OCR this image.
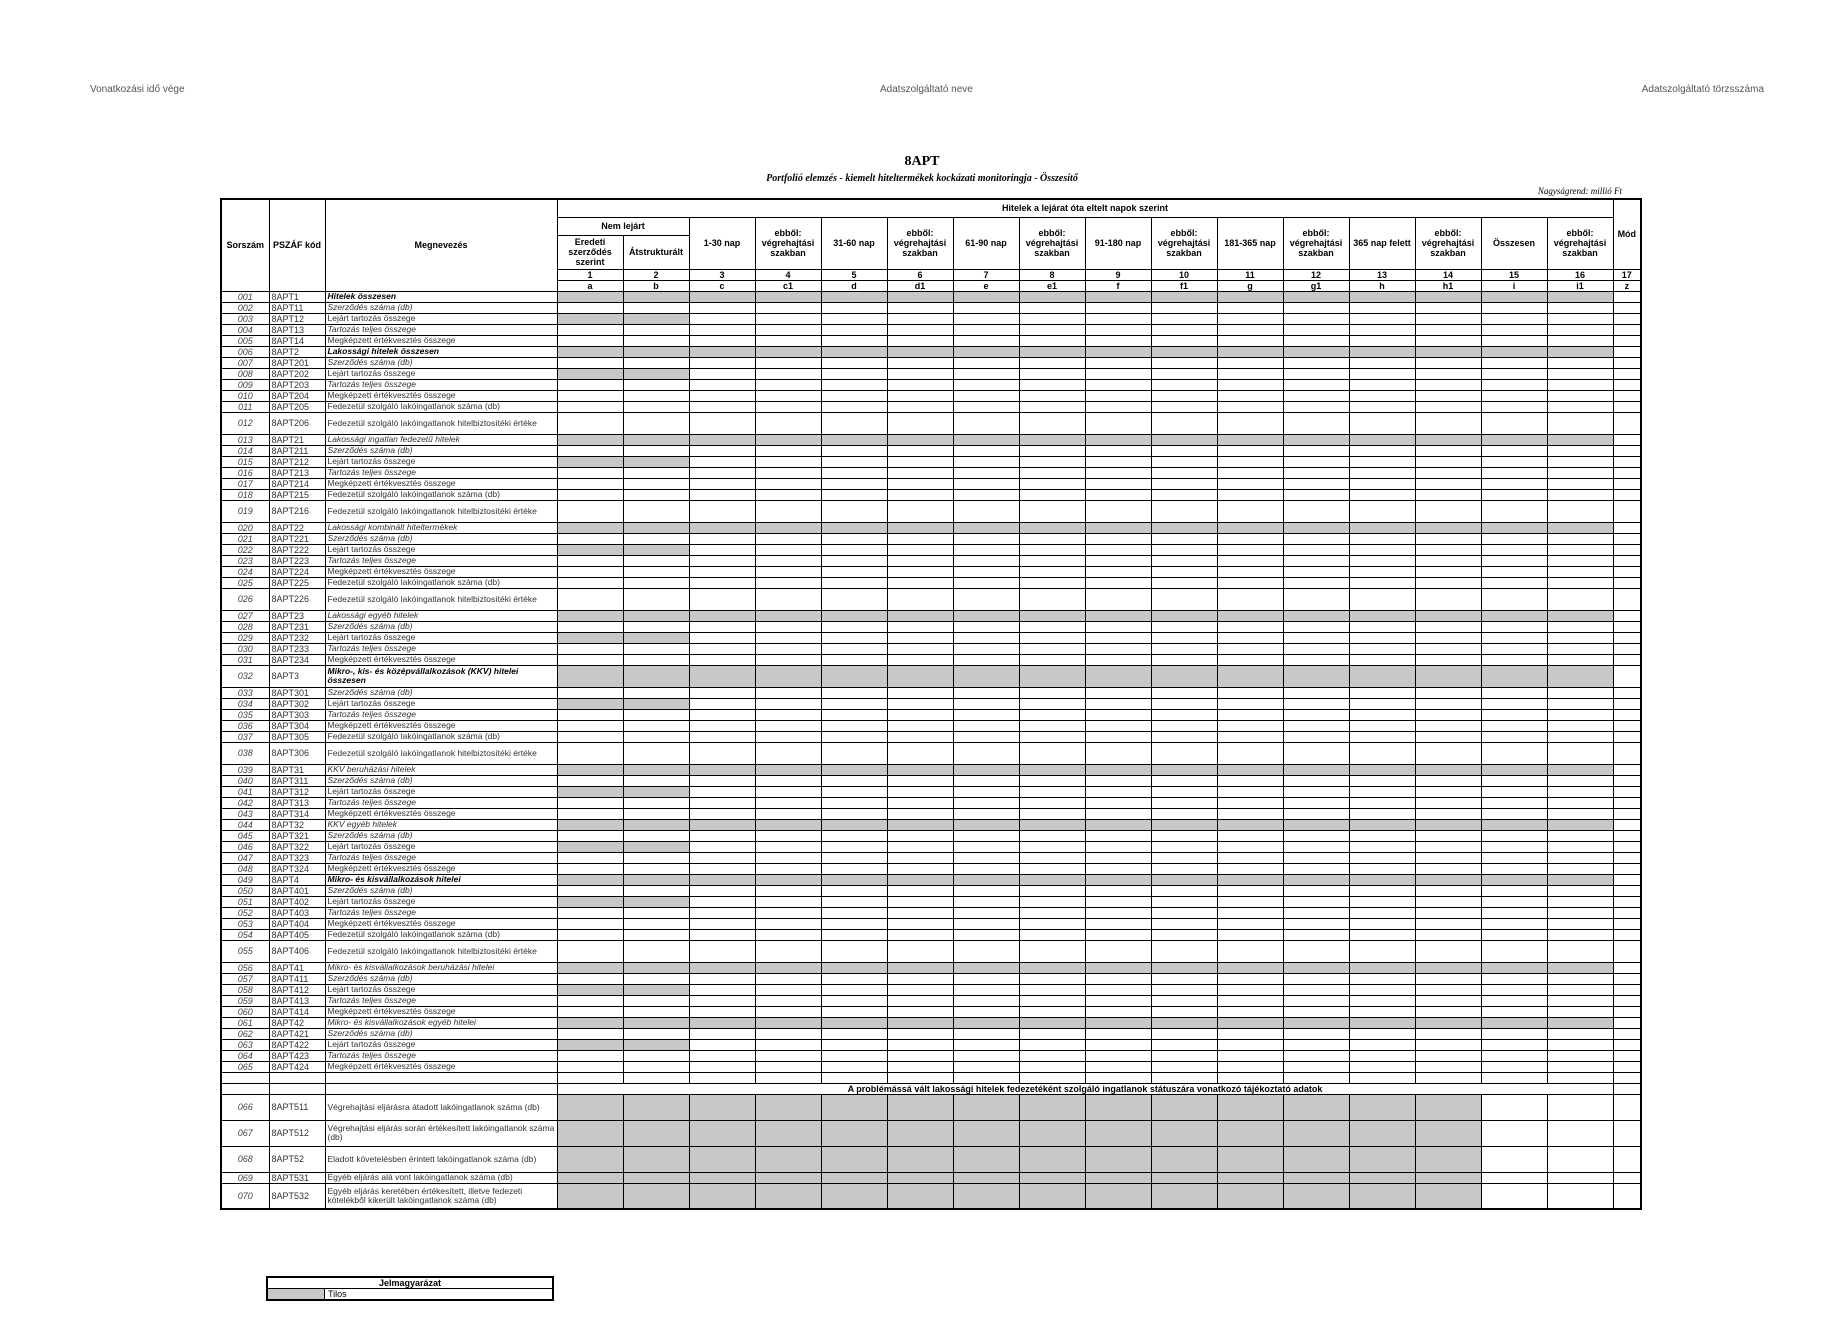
Vonatkozási idő vége	Adatszolgáltató neve	Adatszolgáltató törzsszáma
8APT
Portfolió elemzés - kiemelt hiteltermékek kockázati monitoringja - Összesítő
Nagyságrend: millió Ft
Sorszám	PSZÁF kód	Megnevezés	Hitelek a lejárat óta eltelt napok szerint																Mód
			Nem lejárt		1-30 nap	ebből: végrehajtási szakban	31-60 nap	ebből: végrehajtási szakban	61-90 nap	ebből: végrehajtási szakban	91-180 nap	ebből: végrehajtási szakban	181-365 nap	ebből: végrehajtási szakban	365 nap felett	ebből: végrehajtási szakban	Összesen	ebből: végrehajtási szakban	
			Eredeti szerződés szerint	Átstrukturált															
			1	2	3	4	5	6	7	8	9	10	11	12	13	14	15	16	17
			a	b	c	c1	d	d1	e	e1	f	f1	g	g1	h	h1	i	i1	z
001	8APT1	Hitelek összesen																	
002	8APT11	Szerződés száma (db)																	
003	8APT12	Lejárt tartozás összege																	
004	8APT13	Tartozás teljes összege																	
005	8APT14	Megképzett értékvesztés összege																	
006	8APT2	Lakossági hitelek összesen																	
007	8APT201	Szerződés száma (db)																	
008	8APT202	Lejárt tartozás összege																	
009	8APT203	Tartozás teljes összege																	
010	8APT204	Megképzett értékvesztés összege																	
011	8APT205	Fedezetül szolgáló lakóingatlanok száma (db)																	
012	8APT206	Fedezetül szolgáló lakóingatlanok hitelbiztosítéki értéke																	
013	8APT21	Lakossági ingatlan fedezetű hitelek																	
014	8APT211	Szerződés száma (db)																	
015	8APT212	Lejárt tartozás összege																	
016	8APT213	Tartozás teljes összege																	
017	8APT214	Megképzett értékvesztés összege																	
018	8APT215	Fedezetül szolgáló lakóingatlanok száma (db)																	
019	8APT216	Fedezetül szolgáló lakóingatlanok hitelbiztosítéki értéke																	
020	8APT22	Lakossági kombinált hiteltermékek																	
021	8APT221	Szerződés száma (db)																	
022	8APT222	Lejárt tartozás összege																	
023	8APT223	Tartozás teljes összege																	
024	8APT224	Megképzett értékvesztés összege																	
025	8APT225	Fedezetül szolgáló lakóingatlanok száma (db)																	
026	8APT226	Fedezetül szolgáló lakóingatlanok hitelbiztosítéki értéke																	
027	8APT23	Lakossági egyéb hitelek																	
028	8APT231	Szerződés száma (db)																	
029	8APT232	Lejárt tartozás összege																	
030	8APT233	Tartozás teljes összege																	
031	8APT234	Megképzett értékvesztés összege																	
032	8APT3	Mikro-, kis- és középvállalkozások (KKV) hitelei összesen																	
033	8APT301	Szerződés száma (db)																	
034	8APT302	Lejárt tartozás összege																	
035	8APT303	Tartozás teljes összege																	
036	8APT304	Megképzett értékvesztés összege																	
037	8APT305	Fedezetül szolgáló lakóingatlanok száma (db)																	
038	8APT306	Fedezetül szolgáló lakóingatlanok hitelbiztosítéki értéke																	
039	8APT31	KKV beruházási hitelek																	
040	8APT311	Szerződés száma (db)																	
041	8APT312	Lejárt tartozás összege																	
042	8APT313	Tartozás teljes összege																	
043	8APT314	Megképzett értékvesztés összege																	
044	8APT32	KKV egyéb hitelek																	
045	8APT321	Szerződés száma (db)																	
046	8APT322	Lejárt tartozás összege																	
047	8APT323	Tartozás teljes összege																	
048	8APT324	Megképzett értékvesztés összege																	
049	8APT4	Mikro- és kisvállalkozások hitelei																	
050	8APT401	Szerződés száma (db)																	
051	8APT402	Lejárt tartozás összege																	
052	8APT403	Tartozás teljes összege																	
053	8APT404	Megképzett értékvesztés összege																	
054	8APT405	Fedezetül szolgáló lakóingatlanok száma (db)																	
055	8APT406	Fedezetül szolgáló lakóingatlanok hitelbiztosítéki értéke																	
056	8APT41	Mikro- és kisvállalkozások beruházási hitelei																	
057	8APT411	Szerződés száma (db)																	
058	8APT412	Lejárt tartozás összege																	
059	8APT413	Tartozás teljes összege																	
060	8APT414	Megképzett értékvesztés összege																	
061	8APT42	Mikro- és kisvállalkozások egyéb hitelei																	
062	8APT421	Szerződés száma (db)																	
063	8APT422	Lejárt tartozás összege																	
064	8APT423	Tartozás teljes összege																	
065	8APT424	Megképzett értékvesztés összege																	

			A problémássá vált lakossági hitelek fedezetéként szolgáló ingatlanok státuszára vonatkozó tájékoztató adatok																
066	8APT511	Végrehajtási eljárásra átadott lakóingatlanok száma (db)																	
067	8APT512	Végrehajtási eljárás során értékesített lakóingatlanok száma (db)																	
068	8APT52	Eladott követelésben érintett lakóingatlanok száma (db)																	
069	8APT531	Egyéb eljárás alá vont lakóingatlanok száma (db)																	
070	8APT532	Egyéb eljárás keretében értékesített, illetve fedezeti kötelékből kikerült lakóingatlanok száma (db)																	
Jelmagyarázat
	Tilos
